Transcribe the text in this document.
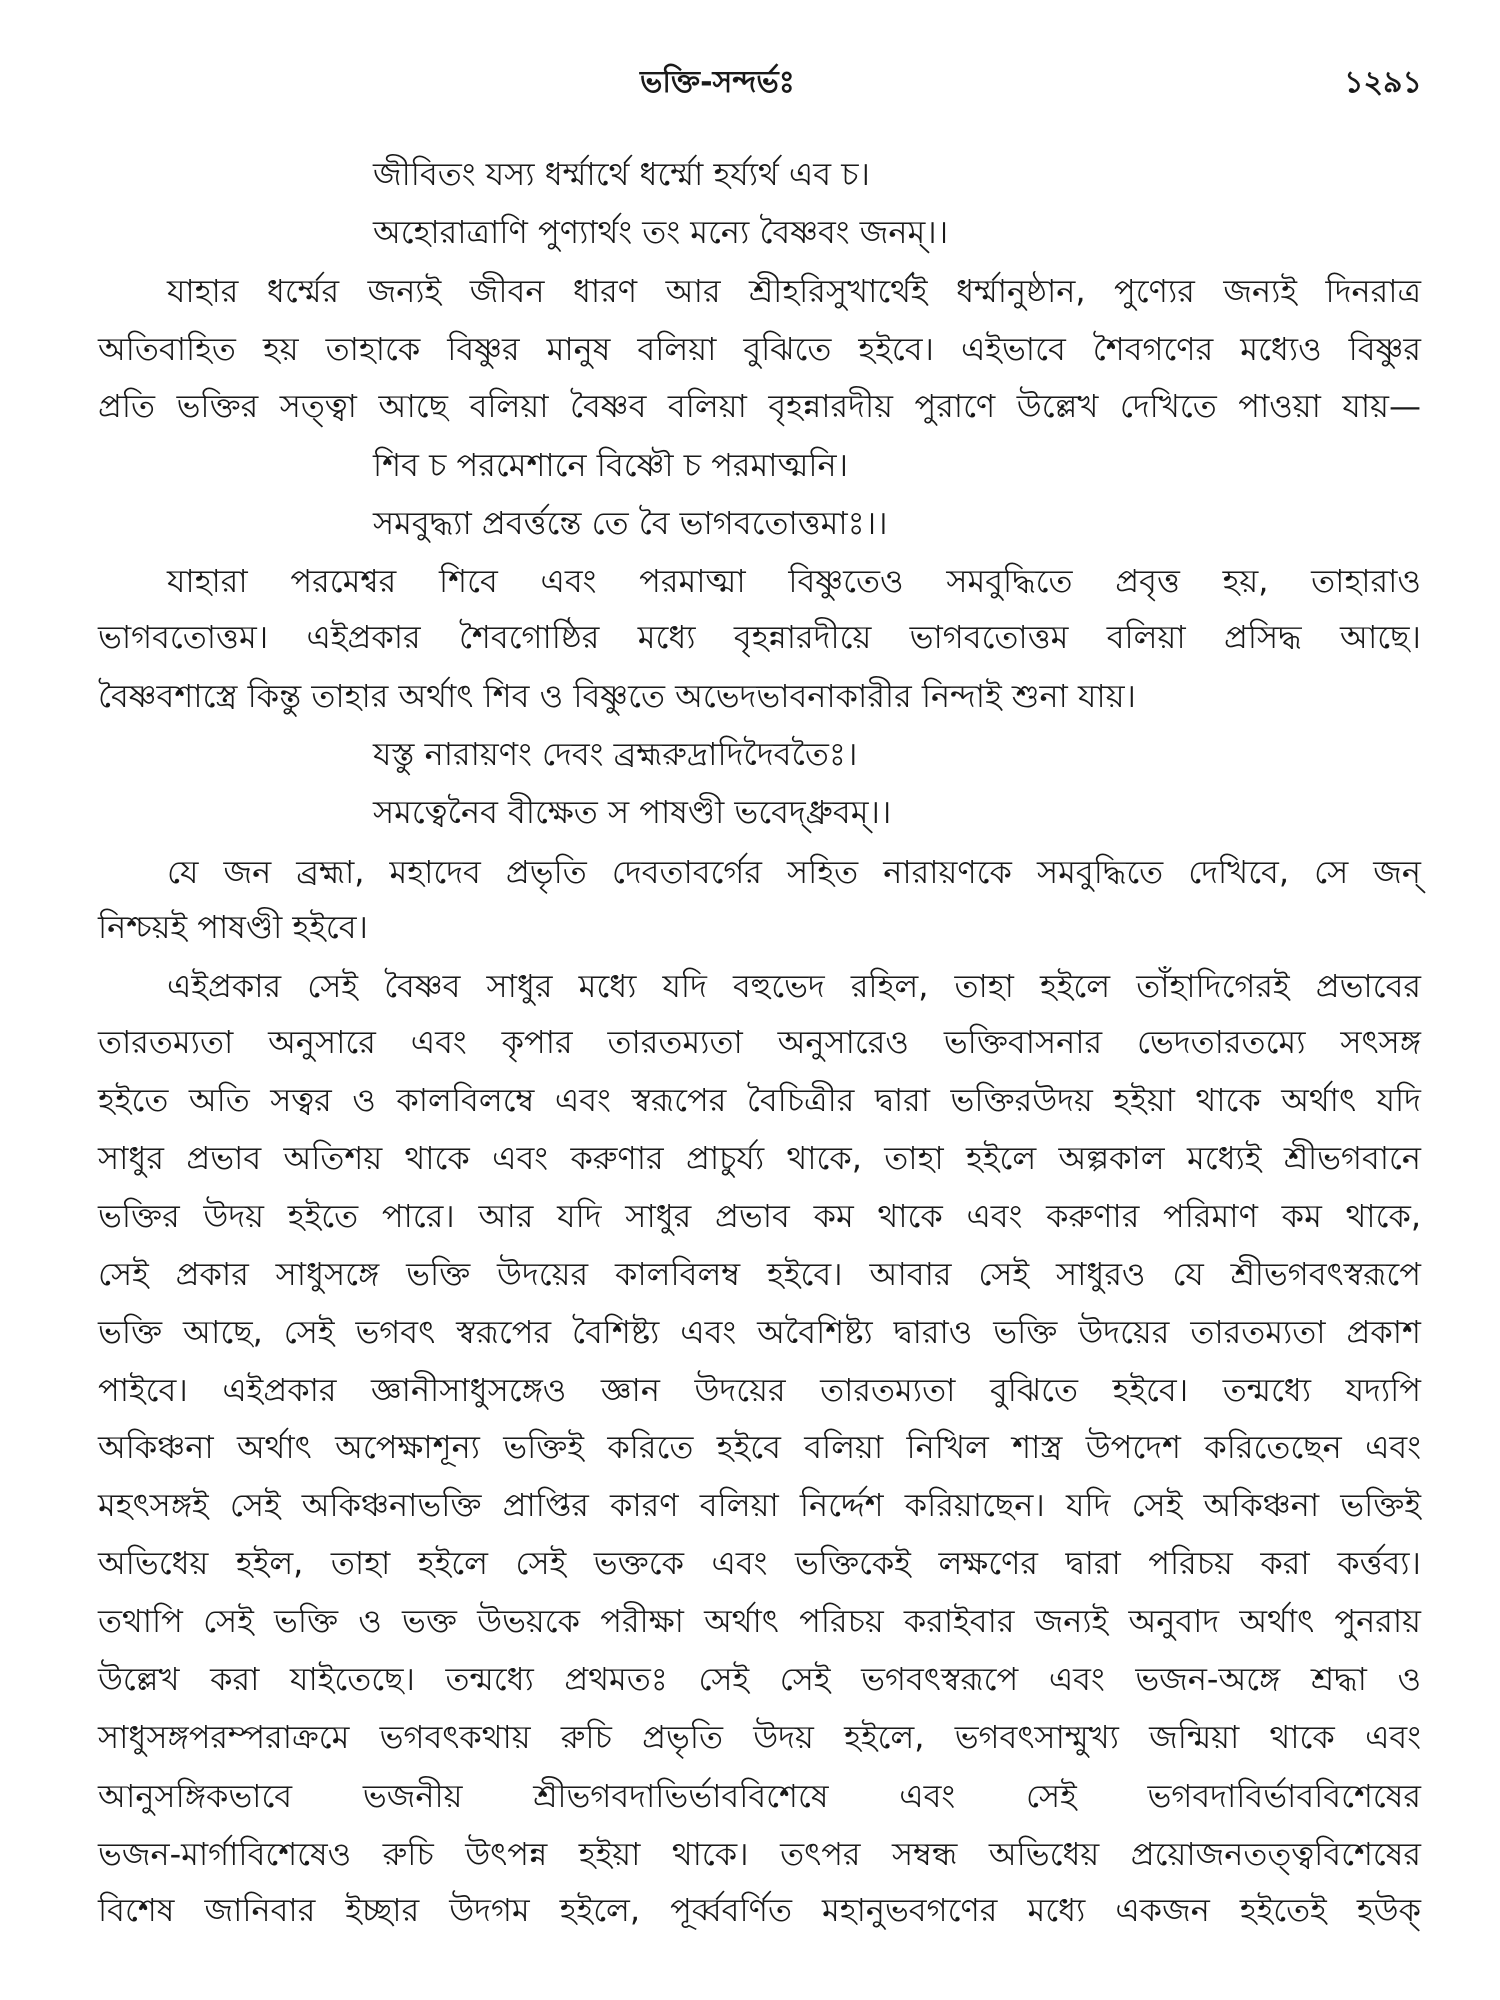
ভক্তি-সন্দর্ভঃ	১২৯১
জীবিতং যস্য ধর্ম্মার্থে ধর্ম্মো হর্য্যর্থ এব চ।
অহোরাত্রাণি পুণ্যার্থং তং মন্যে বৈষ্ণবং জনম্।।
যাহার ধর্ম্মের জন্যই জীবন ধারণ আর শ্রীহরিসুখার্থেই ধর্ম্মানুষ্ঠান, পুণ্যের জন্যই দিনরাত্র
অতিবাহিত হয় তাহাকে বিষ্ণুর মানুষ বলিয়া বুঝিতে হইবে। এইভাবে শৈবগণের মধ্যেও বিষ্ণুর
প্রতি ভক্তির সত্ত্বা আছে বলিয়া বৈষ্ণব বলিয়া বৃহন্নারদীয় পুরাণে উল্লেখ দেখিতে পাওয়া যায়—
শিব চ পরমেশানে বিষ্ণৌ চ পরমাত্মনি।
সমবুদ্ধ্যা প্রবর্ত্তন্তে তে বৈ ভাগবতোত্তমাঃ।।
যাহারা পরমেশ্বর শিবে এবং পরমাত্মা বিষ্ণুতেও সমবুদ্ধিতে প্রবৃত্ত হয়, তাহারাও
ভাগবতোত্তম। এইপ্রকার শৈবগোষ্ঠির মধ্যে বৃহন্নারদীয়ে ভাগবতোত্তম বলিয়া প্রসিদ্ধ আছে।
বৈষ্ণবশাস্ত্রে কিন্তু তাহার অর্থাৎ শিব ও বিষ্ণুতে অভেদভাবনাকারীর নিন্দাই শুনা যায়।
যস্তু নারায়ণং দেবং ব্রহ্মরুদ্রাদিদৈবতৈঃ।
সমত্বেনৈব বীক্ষেত স পাষণ্ডী ভবেদ্ধ্রুবম্।।
যে জন ব্রহ্মা, মহাদেব প্রভৃতি দেবতাবর্গের সহিত নারায়ণকে সমবুদ্ধিতে দেখিবে, সে জন্
নিশ্চয়ই পাষণ্ডী হইবে।
এইপ্রকার সেই বৈষ্ণব সাধুর মধ্যে যদি বহুভেদ রহিল, তাহা হইলে তাঁহাদিগেরই প্রভাবের
তারতম্যতা অনুসারে এবং কৃপার তারতম্যতা অনুসারেও ভক্তিবাসনার ভেদতারতম্যে সৎসঙ্গ
হইতে অতি সত্বর ও কালবিলম্বে এবং স্বরূপের বৈচিত্রীর দ্বারা ভক্তিরউদয় হইয়া থাকে অর্থাৎ যদি
সাধুর প্রভাব অতিশয় থাকে এবং করুণার প্রাচুর্য্য থাকে, তাহা হইলে অল্পকাল মধ্যেই শ্রীভগবানে
ভক্তির উদয় হইতে পারে। আর যদি সাধুর প্রভাব কম থাকে এবং করুণার পরিমাণ কম থাকে,
সেই প্রকার সাধুসঙ্গে ভক্তি উদয়ের কালবিলম্ব হইবে। আবার সেই সাধুরও যে শ্রীভগবৎস্বরূপে
ভক্তি আছে, সেই ভগবৎ স্বরূপের বৈশিষ্ট্য এবং অবৈশিষ্ট্য দ্বারাও ভক্তি উদয়ের তারতম্যতা প্রকাশ
পাইবে। এইপ্রকার জ্ঞানীসাধুসঙ্গেও জ্ঞান উদয়ের তারতম্যতা বুঝিতে হইবে। তন্মধ্যে যদ্যপি
অকিঞ্চনা অর্থাৎ অপেক্ষাশূন্য ভক্তিই করিতে হইবে বলিয়া নিখিল শাস্ত্র উপদেশ করিতেছেন এবং
মহৎসঙ্গই সেই অকিঞ্চনাভক্তি প্রাপ্তির কারণ বলিয়া নির্দ্দেশ করিয়াছেন। যদি সেই অকিঞ্চনা ভক্তিই
অভিধেয় হইল, তাহা হইলে সেই ভক্তকে এবং ভক্তিকেই লক্ষণের দ্বারা পরিচয় করা কর্ত্তব্য।
তথাপি সেই ভক্তি ও ভক্ত উভয়কে পরীক্ষা অর্থাৎ পরিচয় করাইবার জন্যই অনুবাদ অর্থাৎ পুনরায়
উল্লেখ করা যাইতেছে। তন্মধ্যে প্রথমতঃ সেই সেই ভগবৎস্বরূপে এবং ভজন-অঙ্গে শ্রদ্ধা ও
সাধুসঙ্গপরম্পরাক্রমে ভগবৎকথায় রুচি প্রভৃতি উদয় হইলে, ভগবৎসাম্মুখ্য জন্মিয়া থাকে এবং
আনুসঙ্গিকভাবে ভজনীয় শ্রীভগবদাভির্ভাববিশেষে এবং সেই ভগবদাবির্ভাববিশেষের
ভজন-মার্গাবিশেষেও রুচি উৎপন্ন হইয়া থাকে। তৎপর সম্বন্ধ অভিধেয় প্রয়োজনতত্ত্ববিশেষের
বিশেষ জানিবার ইচ্ছার উদগম হইলে, পূর্ব্ববর্ণিত মহানুভবগণের মধ্যে একজন হইতেই হউক্
